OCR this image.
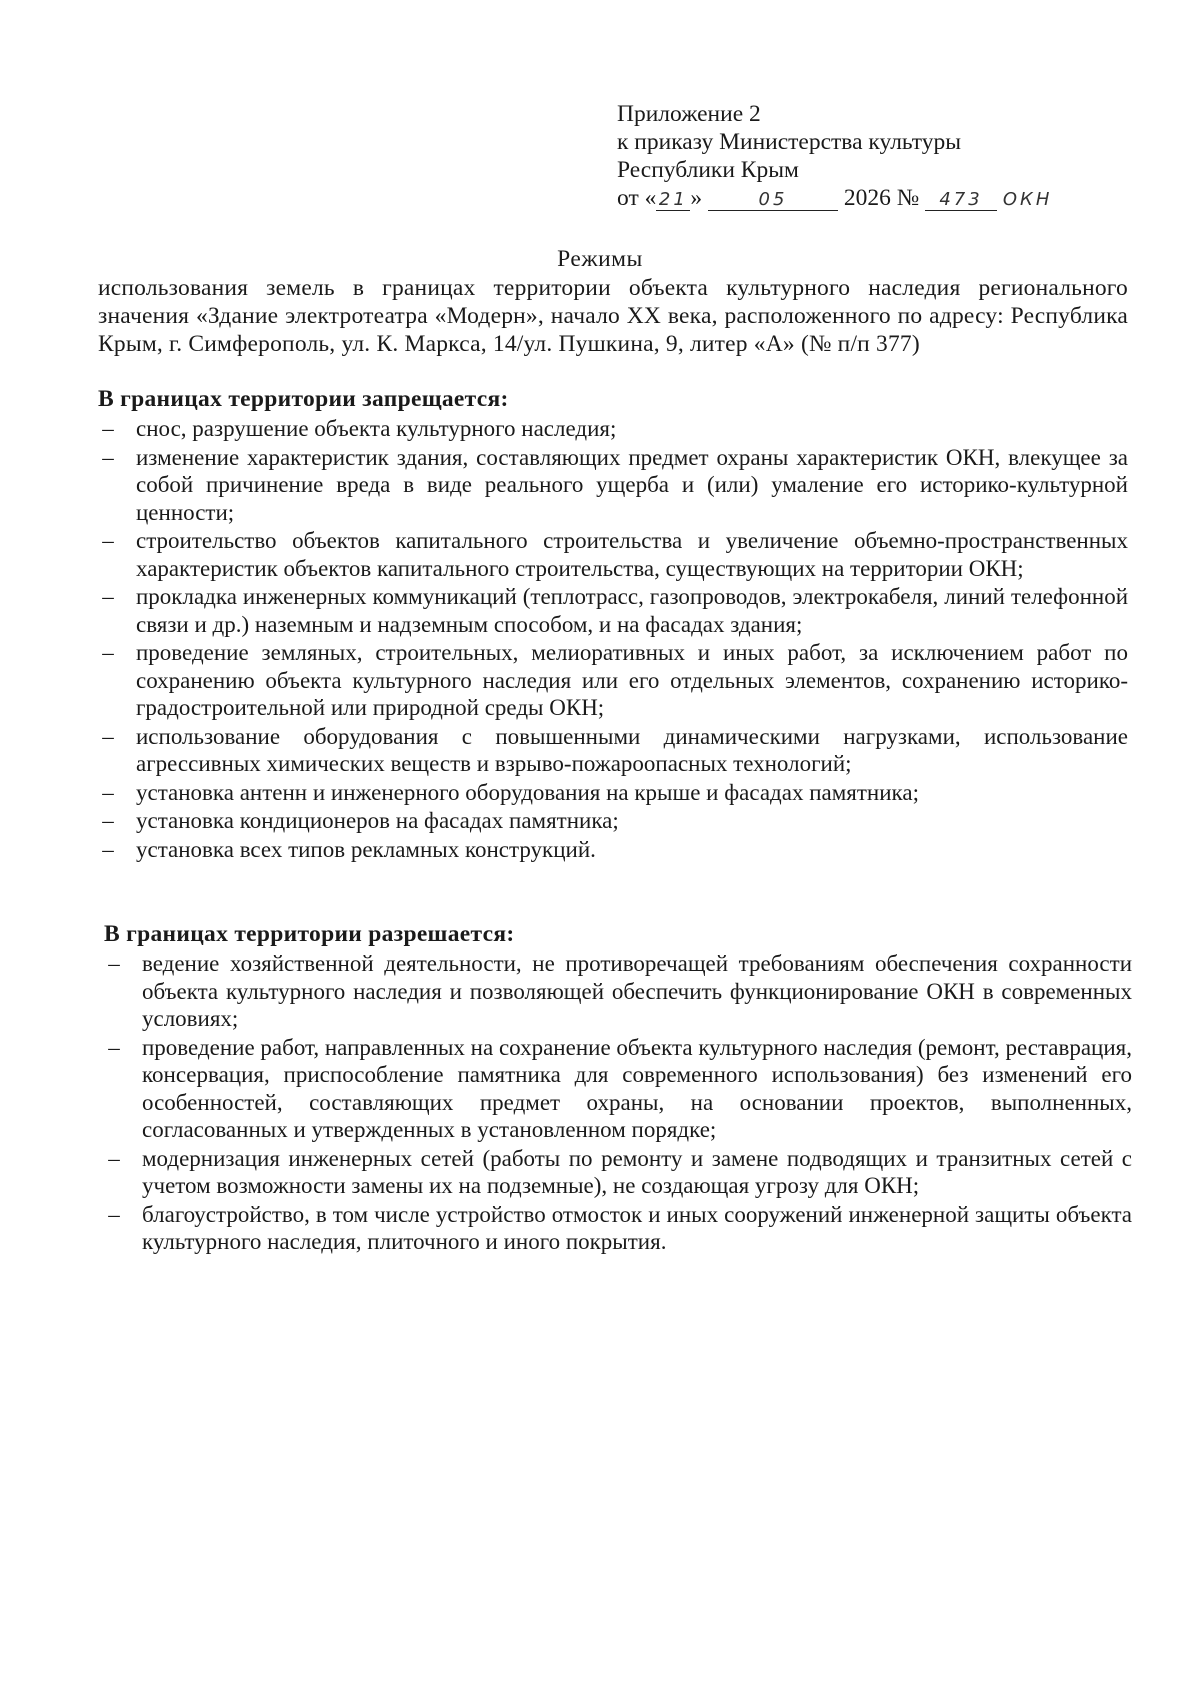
Приложение 2
к приказу Министерства культуры
Республики Крым
от « 21 »	05 2026 № 473 ОКН
Режимы
использования земель в границах территории объекта культурного наследия регионального значения «Здание электротеатра «Модерн», начало XX века, расположенного по адресу: Республика Крым, г. Симферополь, ул. К. Маркса, 14/ул. Пушкина, 9, литер «А» (№ п/п 377)
В границах территории запрещается:
– снос, разрушение объекта культурного наследия;
– изменение характеристик здания, составляющих предмет охраны характеристик ОКН, влекущее за собой причинение вреда в виде реального ущерба и (или) умаление его историко-культурной ценности;
– строительство объектов капитального строительства и увеличение объемно-пространственных характеристик объектов капитального строительства, существующих на территории ОКН;
– прокладка инженерных коммуникаций (теплотрасс, газопроводов, электрокабеля, линий телефонной связи и др.) наземным и надземным способом, и на фасадах здания;
– проведение земляных, строительных, мелиоративных и иных работ, за исключением работ по сохранению объекта культурного наследия или его отдельных элементов, сохранению историко-градостроительной или природной среды ОКН;
– использование оборудования с повышенными динамическими нагрузками, использование агрессивных химических веществ и взрыво-пожароопасных технологий;
– установка антенн и инженерного оборудования на крыше и фасадах памятника;
– установка кондиционеров на фасадах памятника;
– установка всех типов рекламных конструкций.
В границах территории разрешается:
– ведение хозяйственной деятельности, не противоречащей требованиям обеспечения сохранности объекта культурного наследия и позволяющей обеспечить функционирование ОКН в современных условиях;
– проведение работ, направленных на сохранение объекта культурного наследия (ремонт, реставрация, консервация, приспособление памятника для современного использования) без изменений его особенностей, составляющих предмет охраны, на основании проектов, выполненных, согласованных и утвержденных в установленном порядке;
– модернизация инженерных сетей (работы по ремонту и замене подводящих и транзитных сетей с учетом возможности замены их на подземные), не создающая угрозу для ОКН;
– благоустройство, в том числе устройство отмосток и иных сооружений инженерной защиты объекта культурного наследия, плиточного и иного покрытия.
